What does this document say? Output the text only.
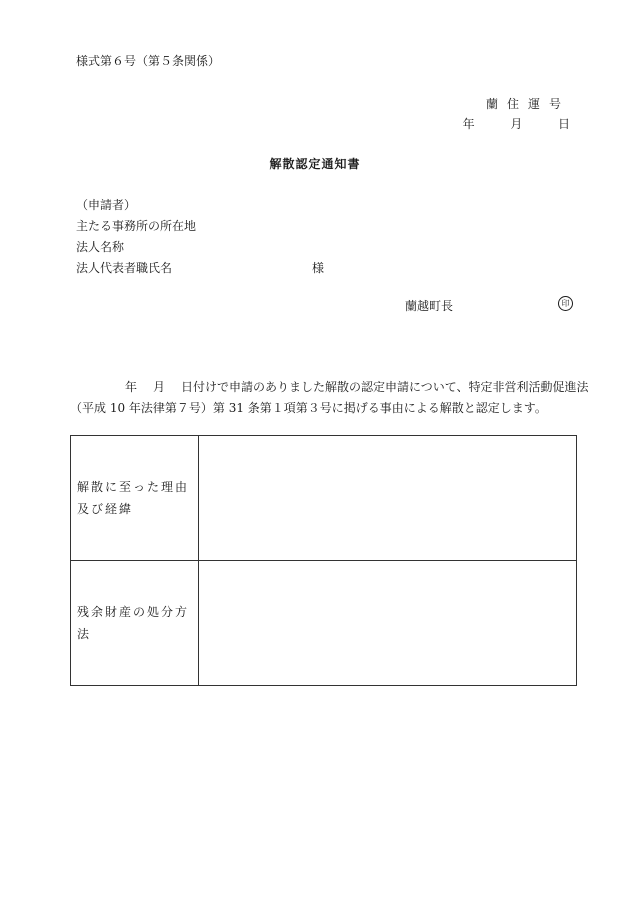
様式第６号（第５条関係）
蘭住運号
年	月	日
解散認定通知書
（申請者）
主たる事務所の所在地
法人名称
法人代表者職氏名	様
蘭越町長	印
年 月 日付けで申請のありました解散の認定申請について、特定非営利活動促進法
（平成 10 年法律第７号）第 31 条第１項第３号に掲げる事由による解散と認定します。
解散に至った理由及び経緯	
残余財産の処分方法	
